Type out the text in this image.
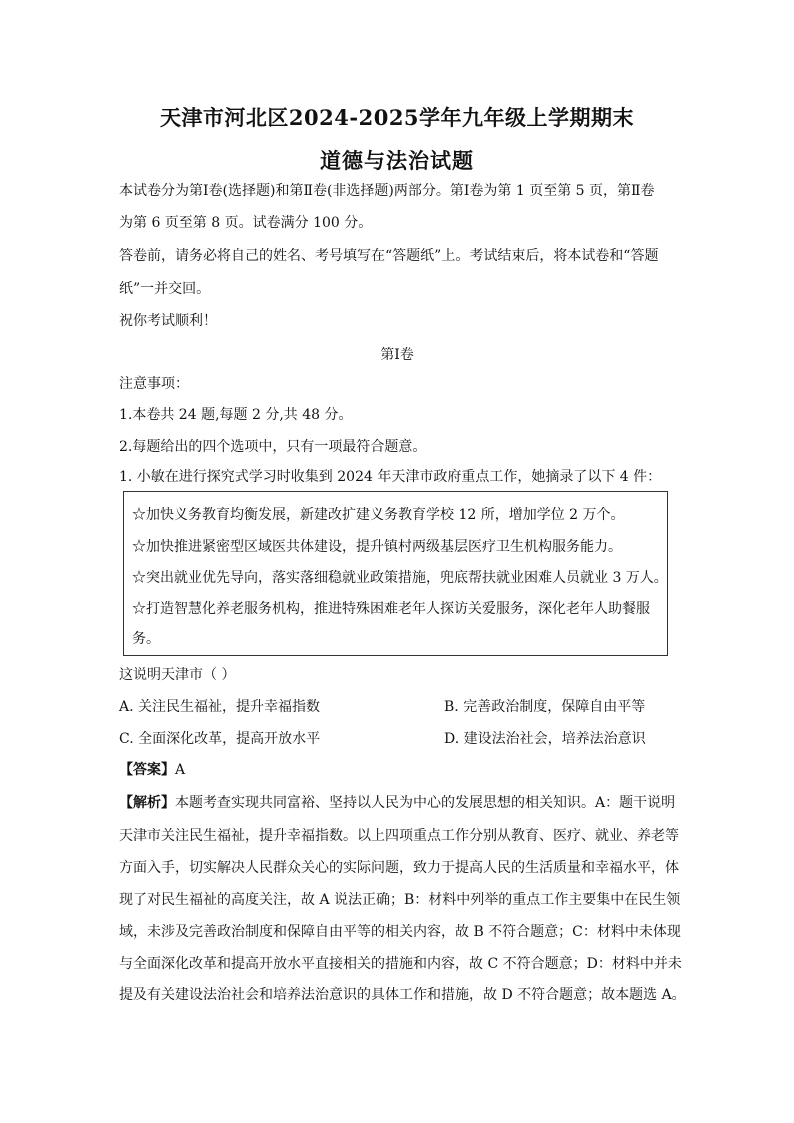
天津市河北区2024-2025学年九年级上学期期末
道德与法治试题
本试卷分为第Ⅰ卷(选择题)和第Ⅱ卷(非选择题)两部分。第Ⅰ卷为第 1 页至第 5 页，第Ⅱ卷
为第 6 页至第 8 页。试卷满分 100 分。
答卷前，请务必将自己的姓名、考号填写在“答题纸”上。考试结束后，将本试卷和“答题
纸”一并交回。
祝你考试顺利！
第Ⅰ卷
注意事项：
1.本卷共 24 题,每题 2 分,共 48 分。
2.每题给出的四个选项中，只有一项最符合题意。
1. 小敏在进行探究式学习时收集到 2024 年天津市政府重点工作，她摘录了以下 4 件：
☆加快义务教育均衡发展，新建改扩建义务教育学校 12 所，增加学位 2 万个。
☆加快推进紧密型区域医共体建设，提升镇村两级基层医疗卫生机构服务能力。
☆突出就业优先导向，落实落细稳就业政策措施，兜底帮扶就业困难人员就业 3 万人。
☆打造智慧化养老服务机构，推进特殊困难老年人探访关爱服务，深化老年人助餐服
务。
这说明天津市（ ）
A. 关注民生福祉，提升幸福指数	B. 完善政治制度，保障自由平等
C. 全面深化改革，提高开放水平	D. 建设法治社会，培养法治意识
【答案】A
【解析】本题考查实现共同富裕、坚持以人民为中心的发展思想的相关知识。A：题干说明
天津市关注民生福祉，提升幸福指数。以上四项重点工作分别从教育、医疗、就业、养老等
方面入手，切实解决人民群众关心的实际问题，致力于提高人民的生活质量和幸福水平，体
现了对民生福祉的高度关注，故 A 说法正确；B：材料中列举的重点工作主要集中在民生领
域，未涉及完善政治制度和保障自由平等的相关内容，故 B 不符合题意；C：材料中未体现
与全面深化改革和提高开放水平直接相关的措施和内容，故 C 不符合题意；D：材料中并未
提及有关建设法治社会和培养法治意识的具体工作和措施，故 D 不符合题意；故本题选 A。
